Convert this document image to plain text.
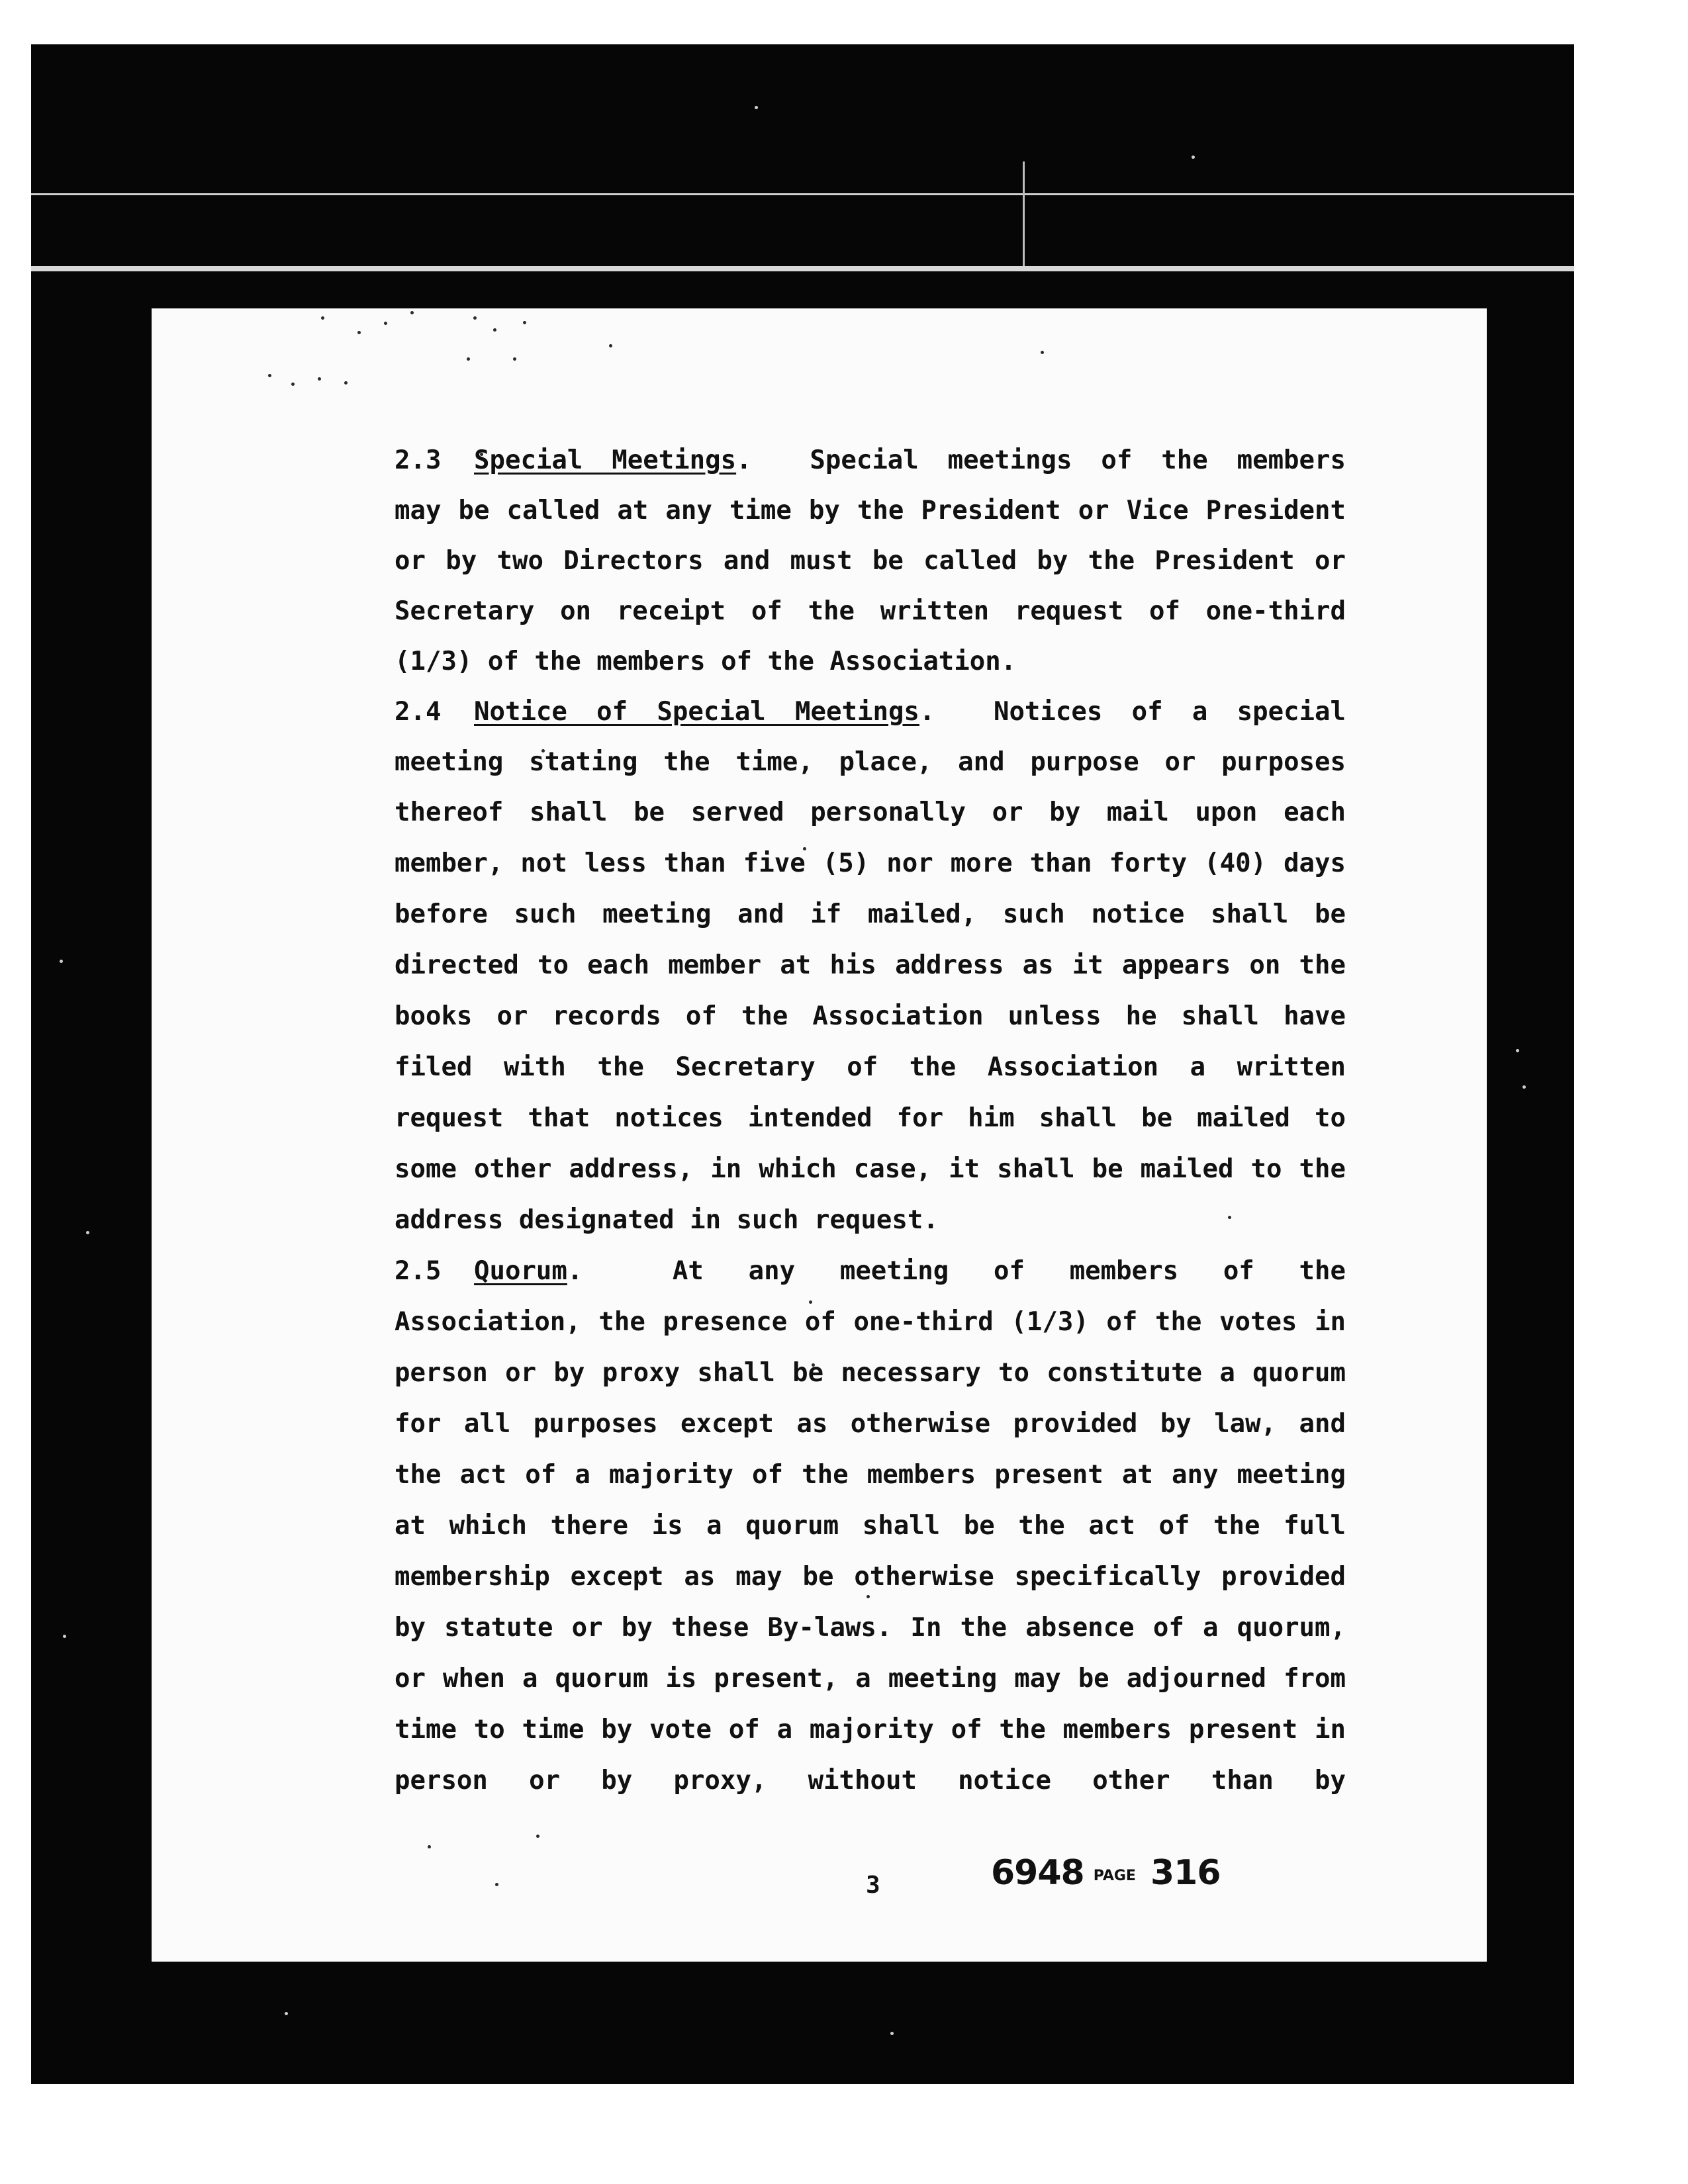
2.3 Special Meetings.  Special meetings of the members
may be called at any time by the President or Vice President
or by two Directors and must be called by the President or
Secretary on receipt of the written request of one-third
(1/3) of the members of the Association.
2.4 Notice of Special Meetings.  Notices of a special
meeting stating the time, place, and purpose or purposes
thereof shall be served personally or by mail upon each
member, not less than five (5) nor more than forty (40) days
before such meeting and if mailed, such notice shall be
directed to each member at his address as it appears on the
books or records of the Association unless he shall have
filed with the Secretary of the Association a written
request that notices intended for him shall be mailed to
some other address, in which case, it shall be mailed to the
address designated in such request.
2.5 Quorum.  At any meeting of members of the
Association, the presence of one-third (1/3) of the votes in
person or by proxy shall be necessary to constitute a quorum
for all purposes except as otherwise provided by law, and
the act of a majority of the members present at any meeting
at which there is a quorum shall be the act of the full
membership except as may be otherwise specifically provided
by statute or by these By-laws. In the absence of a quorum,
or when a quorum is present, a meeting may be adjourned from
time to time by vote of a majority of the members present in
person or by proxy, without notice other than by
3	6948 PAGE 316
